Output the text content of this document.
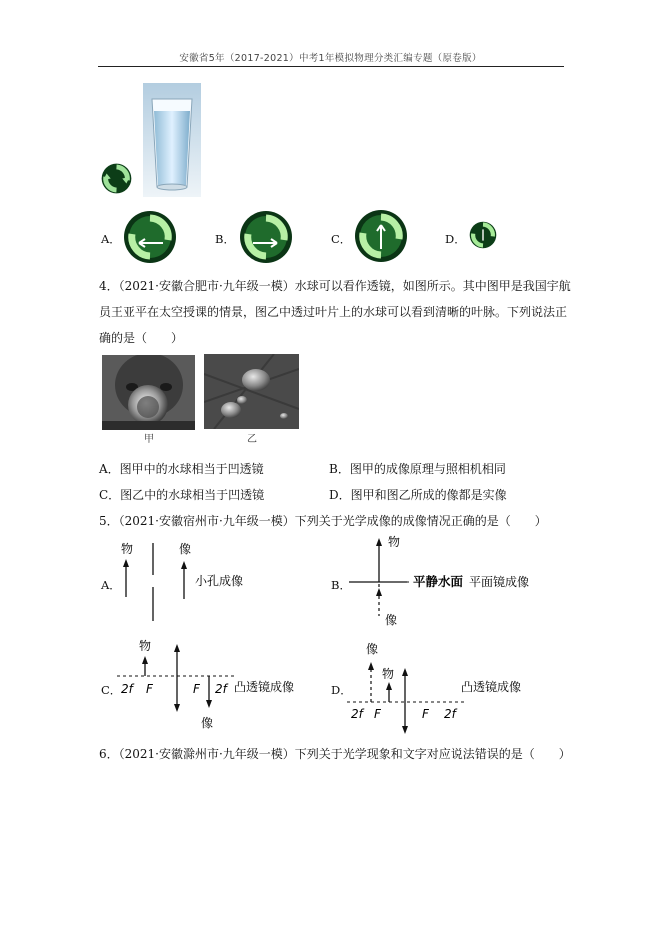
安徽省5年（2017-2021）中考1年模拟物理分类汇编专题（原卷版）
A．	B．	C．	D．
4．（2021·安徽合肥市·九年级一模）水球可以看作透镜，如图所示。其中图甲是我国宇航
员王亚平在太空授课的情景，图乙中透过叶片上的水球可以看到清晰的叶脉。下列说法正
确的是（　　）
甲	乙
A．图甲中的水球相当于凹透镜	B．图甲的成像原理与照相机相同
C．图乙中的水球相当于凹透镜	D．图甲和图乙所成的像都是实像
5．（2021·安徽宿州市·九年级一模）下列关于光学成像的成像情况正确的是（　　）
A．
物	像
小孔成像	B．
物
像
平静水面 平面镜成像
C．
物
2f F	F 2f
像
凸透镜成像	D．
像
物
2f F	F 2f
凸透镜成像
6．（2021·安徽滁州市·九年级一模）下列关于光学现象和文字对应说法错误的是（　　）
